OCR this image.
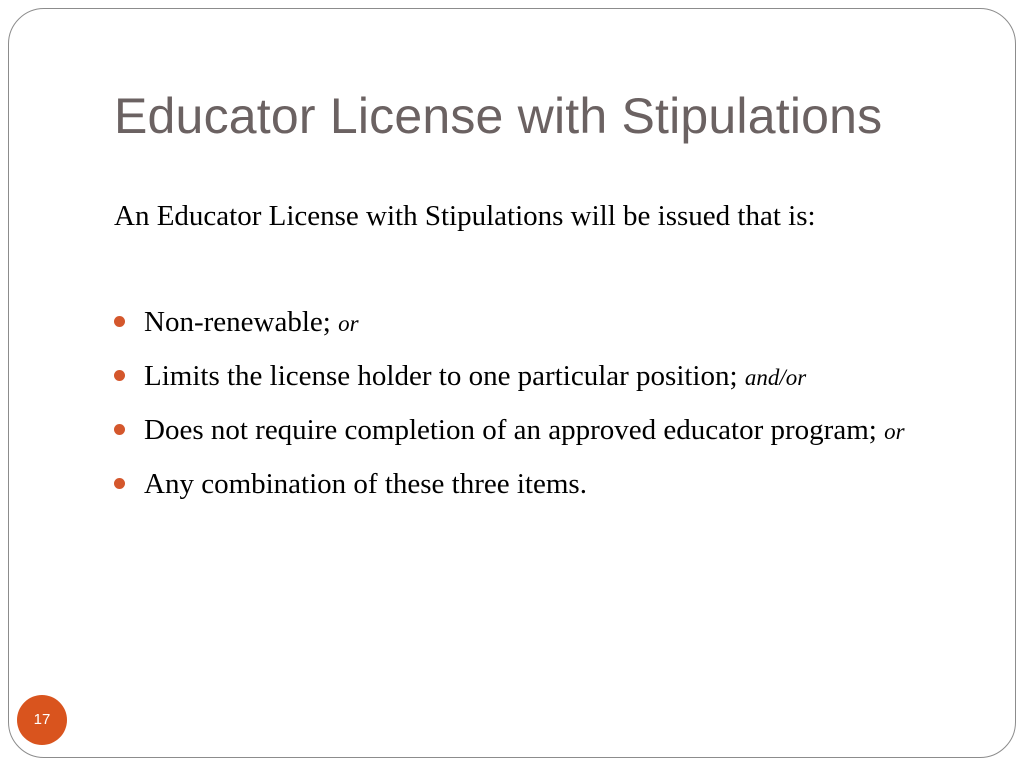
Educator License with Stipulations

An Educator License with Stipulations will be issued that is:

Non-renewable; or
Limits the license holder to one particular position; and/or
Does not require completion of an approved educator program; or
Any combination of these three items.
17
